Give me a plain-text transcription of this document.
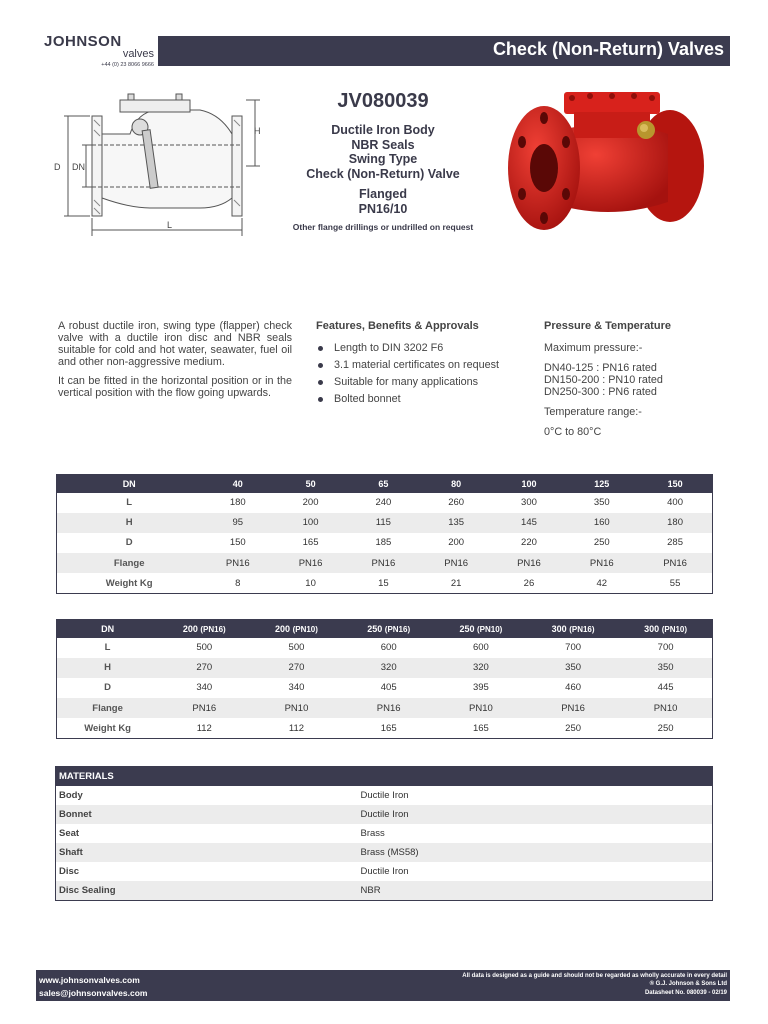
JOHNSON
valves
+44 (0) 23 8066 9666
Check (Non-Return) Valves
H
D DN
L
JV080039
Ductile Iron Body
NBR Seals
Swing Type
Check (Non-Return) Valve
Flanged
PN16/10
Other flange drillings or undrilled on request

A robust ductile iron, swing type (flapper) check valve with a ductile iron disc and NBR seals suitable for cold and hot water, seawater, fuel oil and other non-aggressive medium.

It can be fitted in the horizontal position or in the vertical position with the flow going upwards.

Features, Benefits & Approvals
Length to DIN 3202 F6
3.1 material certificates on request
Suitable for many applications
Bolted bonnet
Pressure & Temperature
Maximum pressure:-
DN40-125 : PN16 rated
DN150-200 : PN10 rated
DN250-300 : PN6 rated
Temperature range:-
0°C to 80°C
DN	40	50	65	80	100	125	150
L	180	200	240	260	300	350	400
H	95	100	115	135	145	160	180
D	150	165	185	200	220	250	285
Flange	PN16	PN16	PN16	PN16	PN16	PN16	PN16
Weight Kg	8	10	15	21	26	42	55
DN	200 (PN16)	200 (PN10)	250 (PN16)	250 (PN10)	300 (PN16)	300 (PN10)
L	500	500	600	600	700	700
H	270	270	320	320	350	350
D	340	340	405	395	460	445
Flange	PN16	PN10	PN16	PN10	PN16	PN10
Weight Kg	112	112	165	165	250	250
MATERIALS	
Body	Ductile Iron
Bonnet	Ductile Iron
Seat	Brass
Shaft	Brass (MS58)
Disc	Ductile Iron
Disc Sealing	NBR
www.johnsonvalves.com
sales@johnsonvalves.com
All data is designed as a guide and should not be regarded as wholly accurate in every detail
® G.J. Johnson & Sons Ltd
Datasheet No. 080039 - 02/19
